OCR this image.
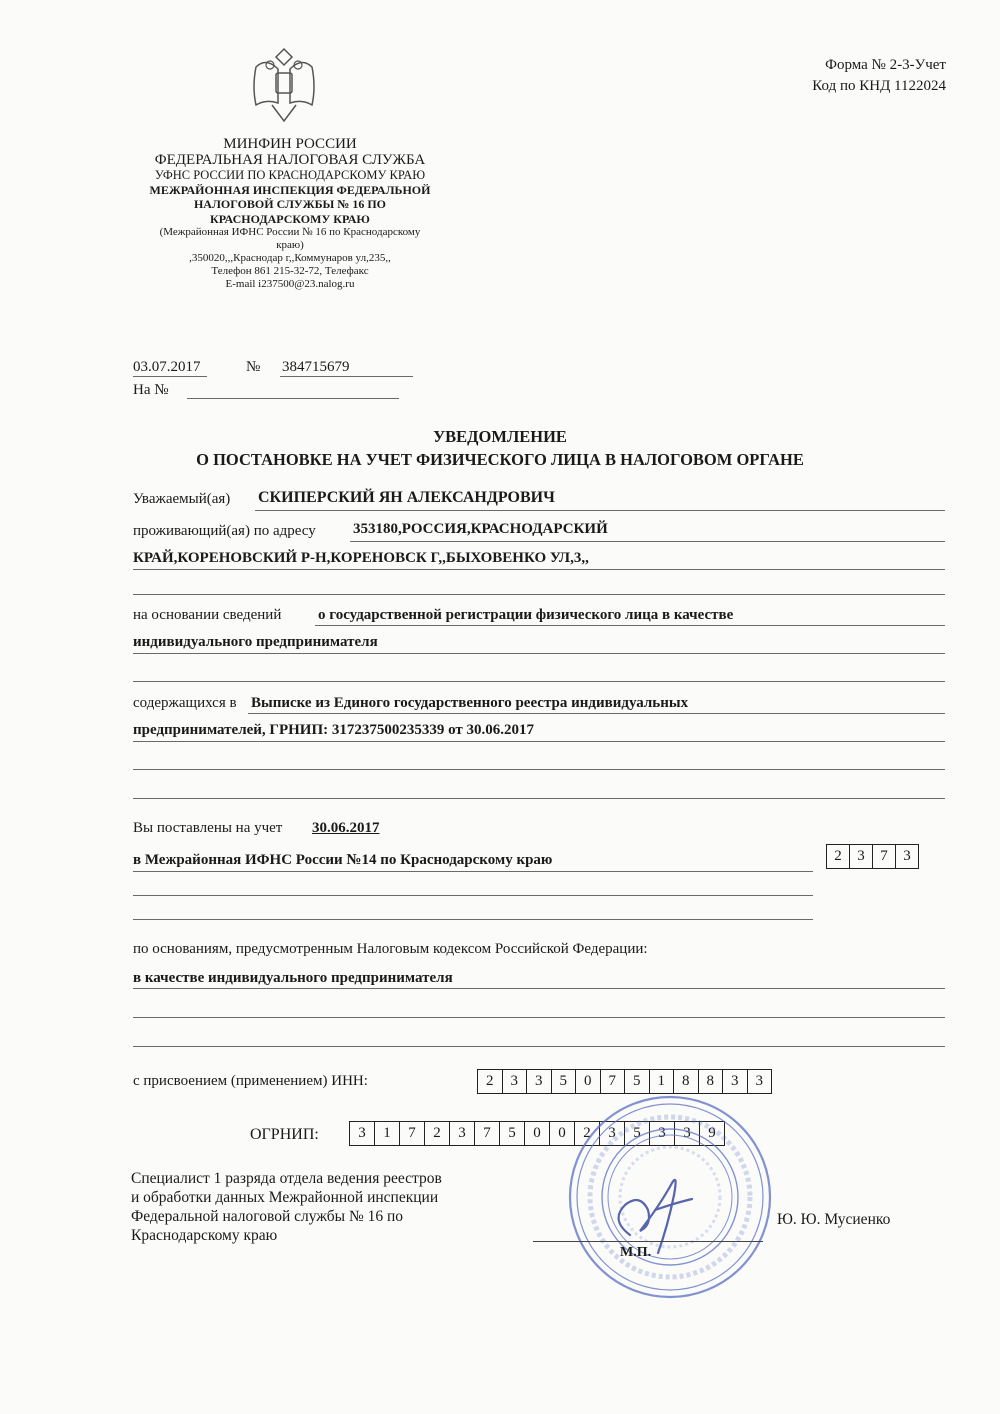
Форма № 2-3-Учет
Код по КНД 1122024
МИНФИН РОССИИ
ФЕДЕРАЛЬНАЯ НАЛОГОВАЯ СЛУЖБА
УФНС РОССИИ ПО КРАСНОДАРСКОМУ КРАЮ
МЕЖРАЙОННАЯ ИНСПЕКЦИЯ ФЕДЕРАЛЬНОЙ
НАЛОГОВОЙ СЛУЖБЫ № 16 ПО
КРАСНОДАРСКОМУ КРАЮ
(Межрайонная ИФНС России № 16 по Краснодарскому
краю)
,350020,,,Краснодар г,,Коммунаров ул,235,,
Телефон 861 215-32-72, Телефакс
E-mail i237500@23.nalog.ru
03.07.2017	№ 384715679
На №
УВЕДОМЛЕНИЕ
О ПОСТАНОВКЕ НА УЧЕТ ФИЗИЧЕСКОГО ЛИЦА В НАЛОГОВОМ ОРГАНЕ
Уважаемый(ая) СКИПЕРСКИЙ ЯН АЛЕКСАНДРОВИЧ
проживающий(ая) по адресу 353180,РОССИЯ,КРАСНОДАРСКИЙ
КРАЙ,КОРЕНОВСКИЙ Р-Н,КОРЕНОВСК Г,,БЫХОВЕНКО УЛ,3,,
на основании сведений о государственной регистрации физического лица в качестве
индивидуального предпринимателя
содержащихся в Выписке из Единого государственного реестра индивидуальных
предпринимателей, ГРНИП: 317237500235339 от 30.06.2017
Вы поставлены на учет 30.06.2017
в Межрайонная ИФНС России №14 по Краснодарскому краю	2	3	7	3
по основаниям, предусмотренным Налоговым кодексом Российской Федерации:
в качестве индивидуального предпринимателя
с присвоением (применением) ИНН:	2	3	3	5	0	7	5	1	8	8	3	3
ОГРНИП:	3	1	7	2	3	7	5	0	0	2	3	5	3	3	9
Специалист 1 разряда отдела ведения реестров
и обработки данных Межрайонной инспекции
Федеральной налоговой службы № 16 по
Краснодарскому краю
М.П.
Ю. Ю. Мусиенко
